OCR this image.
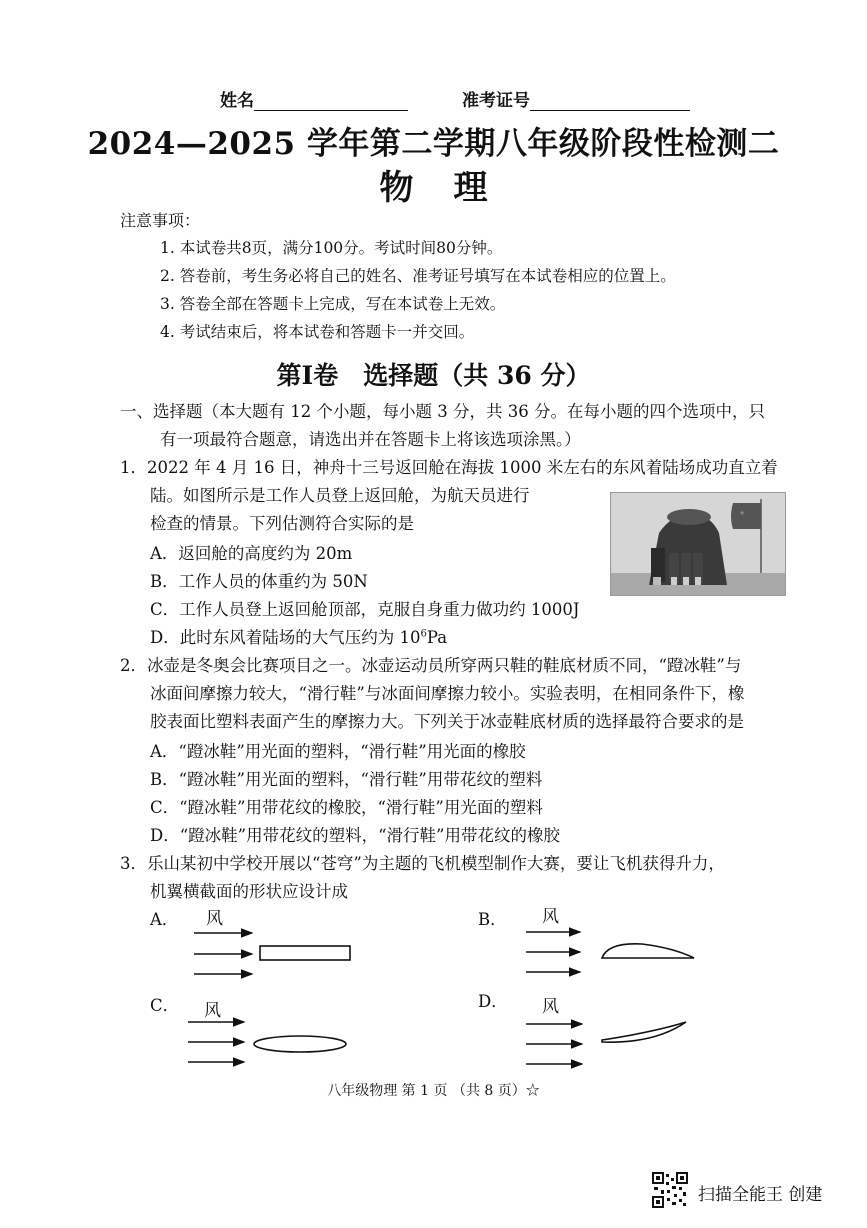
姓名	准考证号
2024—2025 学年第二学期八年级阶段性检测二
物理
注意事项：
1. 本试卷共8页，满分100分。考试时间80分钟。
2. 答卷前，考生务必将自己的姓名、准考证号填写在本试卷相应的位置上。
3. 答卷全部在答题卡上完成，写在本试卷上无效。
4. 考试结束后，将本试卷和答题卡一并交回。
第Ⅰ卷　选择题（共 36 分）
一、选择题（本大题有 12 个小题，每小题 3 分，共 36 分。在每小题的四个选项中，只
有一项最符合题意，请选出并在答题卡上将该选项涂黑。）
1．2022 年 4 月 16 日，神舟十三号返回舱在海拔 1000 米左右的东风着陆场成功直立着
陆。如图所示是工作人员登上返回舱，为航天员进行
检查的情景。下列估测符合实际的是
A．返回舱的高度约为 20m
B．工作人员的体重约为 50N
C．工作人员登上返回舱顶部，克服自身重力做功约 1000J
D．此时东风着陆场的大气压约为 $10^6Pa$
★
2．冰壶是冬奥会比赛项目之一。冰壶运动员所穿两只鞋的鞋底材质不同，“蹬冰鞋”与
冰面间摩擦力较大，“滑行鞋”与冰面间摩擦力较小。实验表明，在相同条件下，橡
胶表面比塑料表面产生的摩擦力大。下列关于冰壶鞋底材质的选择最符合要求的是
A．“蹬冰鞋”用光面的塑料，“滑行鞋”用光面的橡胶
B．“蹬冰鞋”用光面的塑料，“滑行鞋”用带花纹的塑料
C．“蹬冰鞋”用带花纹的橡胶，“滑行鞋”用光面的塑料
D．“蹬冰鞋”用带花纹的塑料，“滑行鞋”用带花纹的橡胶
3．乐山某初中学校开展以“苍穹”为主题的飞机模型制作大赛，要让飞机获得升力，
机翼横截面的形状应设计成
A． 风	B． 风
C． 风	D． 风
八年级物理 第 1 页 （共 8 页）☆
扫描全能王 创建
